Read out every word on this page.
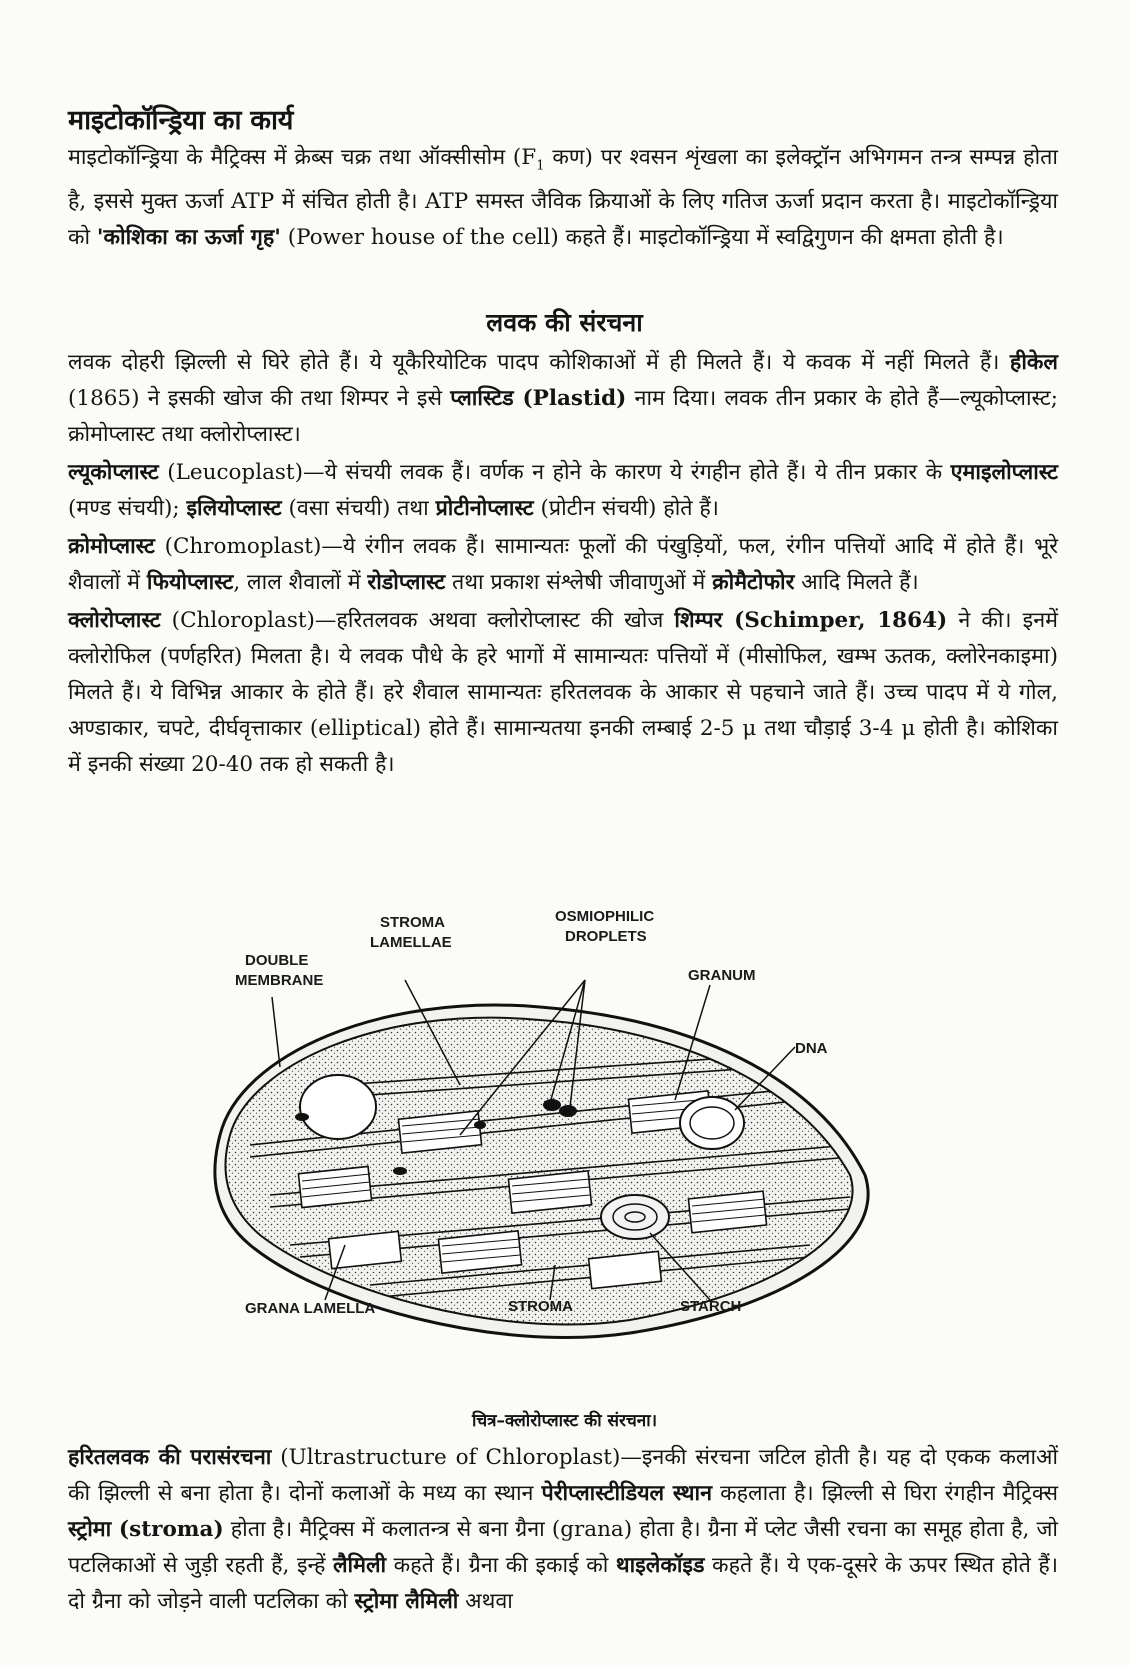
माइटोकॉन्ड्रिया का कार्य

माइटोकॉन्ड्रिया के मैट्रिक्स में क्रेब्स चक्र तथा ऑक्सीसोम ($F_1$ कण) पर श्वसन शृंखला का इलेक्ट्रॉन अभिगमन तन्त्र सम्पन्न होता है, इससे मुक्त ऊर्जा ATP में संचित होती है। ATP समस्त जैविक क्रियाओं के लिए गतिज ऊर्जा प्रदान करता है। माइटोकॉन्ड्रिया को 'कोशिका का ऊर्जा गृह' (Power house of the cell) कहते हैं। माइटोकॉन्ड्रिया में स्वद्विगुणन की क्षमता होती है।

लवक की संरचना

लवक दोहरी झिल्ली से घिरे होते हैं। ये यूकैरियोटिक पादप कोशिकाओं में ही मिलते हैं। ये कवक में नहीं मिलते हैं। हीकेल (1865) ने इसकी खोज की तथा शिम्पर ने इसे प्लास्टिड (Plastid) नाम दिया। लवक तीन प्रकार के होते हैं—ल्यूकोप्लास्ट; क्रोमोप्लास्ट तथा क्लोरोप्लास्ट।

ल्यूकोप्लास्ट (Leucoplast)—ये संचयी लवक हैं। वर्णक न होने के कारण ये रंगहीन होते हैं। ये तीन प्रकार के एमाइलोप्लास्ट (मण्ड संचयी); इलियोप्लास्ट (वसा संचयी) तथा प्रोटीनोप्लास्ट (प्रोटीन संचयी) होते हैं।

क्रोमोप्लास्ट (Chromoplast)—ये रंगीन लवक हैं। सामान्यतः फूलों की पंखुड़ियों, फल, रंगीन पत्तियों आदि में होते हैं। भूरे शैवालों में फियोप्लास्ट, लाल शैवालों में रोडोप्लास्ट तथा प्रकाश संश्लेषी जीवाणुओं में क्रोमैटोफोर आदि मिलते हैं।

क्लोरोप्लास्ट (Chloroplast)—हरितलवक अथवा क्लोरोप्लास्ट की खोज शिम्पर (Schimper, 1864) ने की। इनमें क्लोरोफिल (पर्णहरित) मिलता है। ये लवक पौधे के हरे भागों में सामान्यतः पत्तियों में (मीसोफिल, खम्भ ऊतक, क्लोरेनकाइमा) मिलते हैं। ये विभिन्न आकार के होते हैं। हरे शैवाल सामान्यतः हरितलवक के आकार से पहचाने जाते हैं। उच्च पादप में ये गोल, अण्डाकार, चपटे, दीर्घवृत्ताकार (elliptical) होते हैं। सामान्यतया इनकी लम्बाई 2-5 μ तथा चौड़ाई 3-4 μ होती है। कोशिका में इनकी संख्या 20-40 तक हो सकती है।

STROMA
LAMELLAE
OSMIOPHILIC
DROPLETS
DOUBLE
MEMBRANE	GRANUM
DNA
GRANA LAMELLA	STROMA	STARCH
चित्र–क्लोरोप्लास्ट की संरचना।

हरितलवक की परासंरचना (Ultrastructure of Chloroplast)—इनकी संरचना जटिल होती है। यह दो एकक कलाओं की झिल्ली से बना होता है। दोनों कलाओं के मध्य का स्थान पेरीप्लास्टीडियल स्थान कहलाता है। झिल्ली से घिरा रंगहीन मैट्रिक्स स्ट्रोमा (stroma) होता है। मैट्रिक्स में कलातन्त्र से बना ग्रैना (grana) होता है। ग्रैना में प्लेट जैसी रचना का समूह होता है, जो पटलिकाओं से जुड़ी रहती हैं, इन्हें लैमिली कहते हैं। ग्रैना की इकाई को थाइलेकॉइड कहते हैं। ये एक-दूसरे के ऊपर स्थित होते हैं। दो ग्रैना को जोड़ने वाली पटलिका को स्ट्रोमा लैमिली अथवा
